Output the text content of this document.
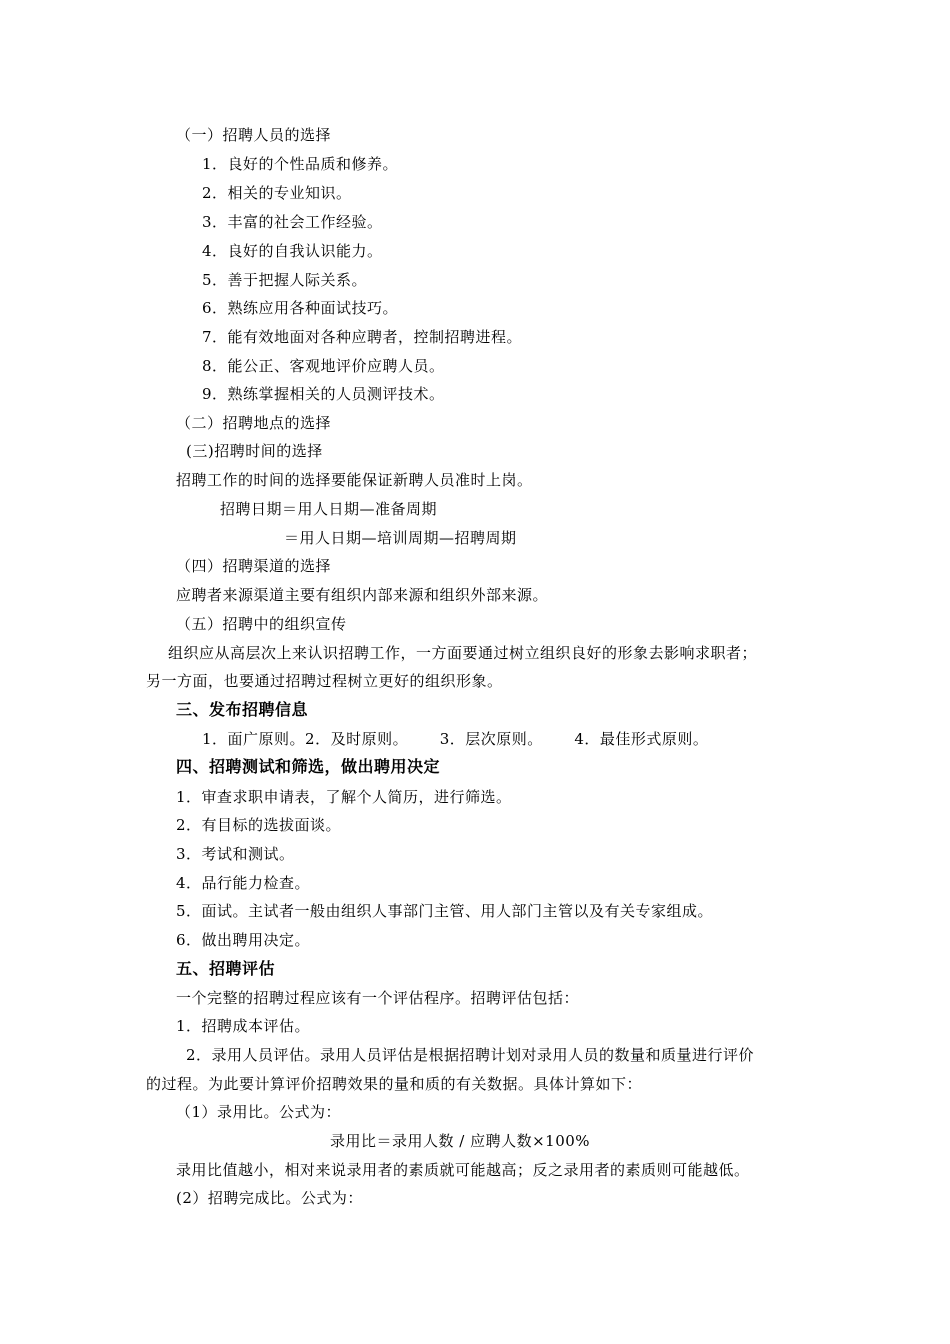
（一）招聘人员的选择
1．良好的个性品质和修养。
2．相关的专业知识。
3．丰富的社会工作经验。
4．良好的自我认识能力。
5．善于把握人际关系。
6．熟练应用各种面试技巧。
7．能有效地面对各种应聘者，控制招聘进程。
8．能公正、客观地评价应聘人员。
9．熟练掌握相关的人员测评技术。
（二）招聘地点的选择
(三)招聘时间的选择
招聘工作的时间的选择要能保证新聘人员准时上岗。
招聘日期＝用人日期—准备周期
＝用人日期—培训周期—招聘周期
（四）招聘渠道的选择
应聘者来源渠道主要有组织内部来源和组织外部来源。
（五）招聘中的组织宣传
组织应从高层次上来认识招聘工作，一方面要通过树立组织良好的形象去影响求职者；
另一方面，也要通过招聘过程树立更好的组织形象。
三、发布招聘信息
1．面广原则。2．及时原则。      3．层次原则。      4．最佳形式原则。
四、招聘测试和筛选，做出聘用决定
1．审查求职申请表，了解个人简历，进行筛选。
2．有目标的选拔面谈。
3．考试和测试。
4．品行能力检查。
5．面试。主试者一般由组织人事部门主管、用人部门主管以及有关专家组成。
6．做出聘用决定。
五、招聘评估
一个完整的招聘过程应该有一个评估程序。招聘评估包括：
1．招聘成本评估。
2．录用人员评估。录用人员评估是根据招聘计划对录用人员的数量和质量进行评价
的过程。为此要计算评价招聘效果的量和质的有关数据。具体计算如下：
（1）录用比。公式为：
录用比＝录用人数 / 应聘人数×100%
录用比值越小，相对来说录用者的素质就可能越高；反之录用者的素质则可能越低。
(2）招聘完成比。公式为：
